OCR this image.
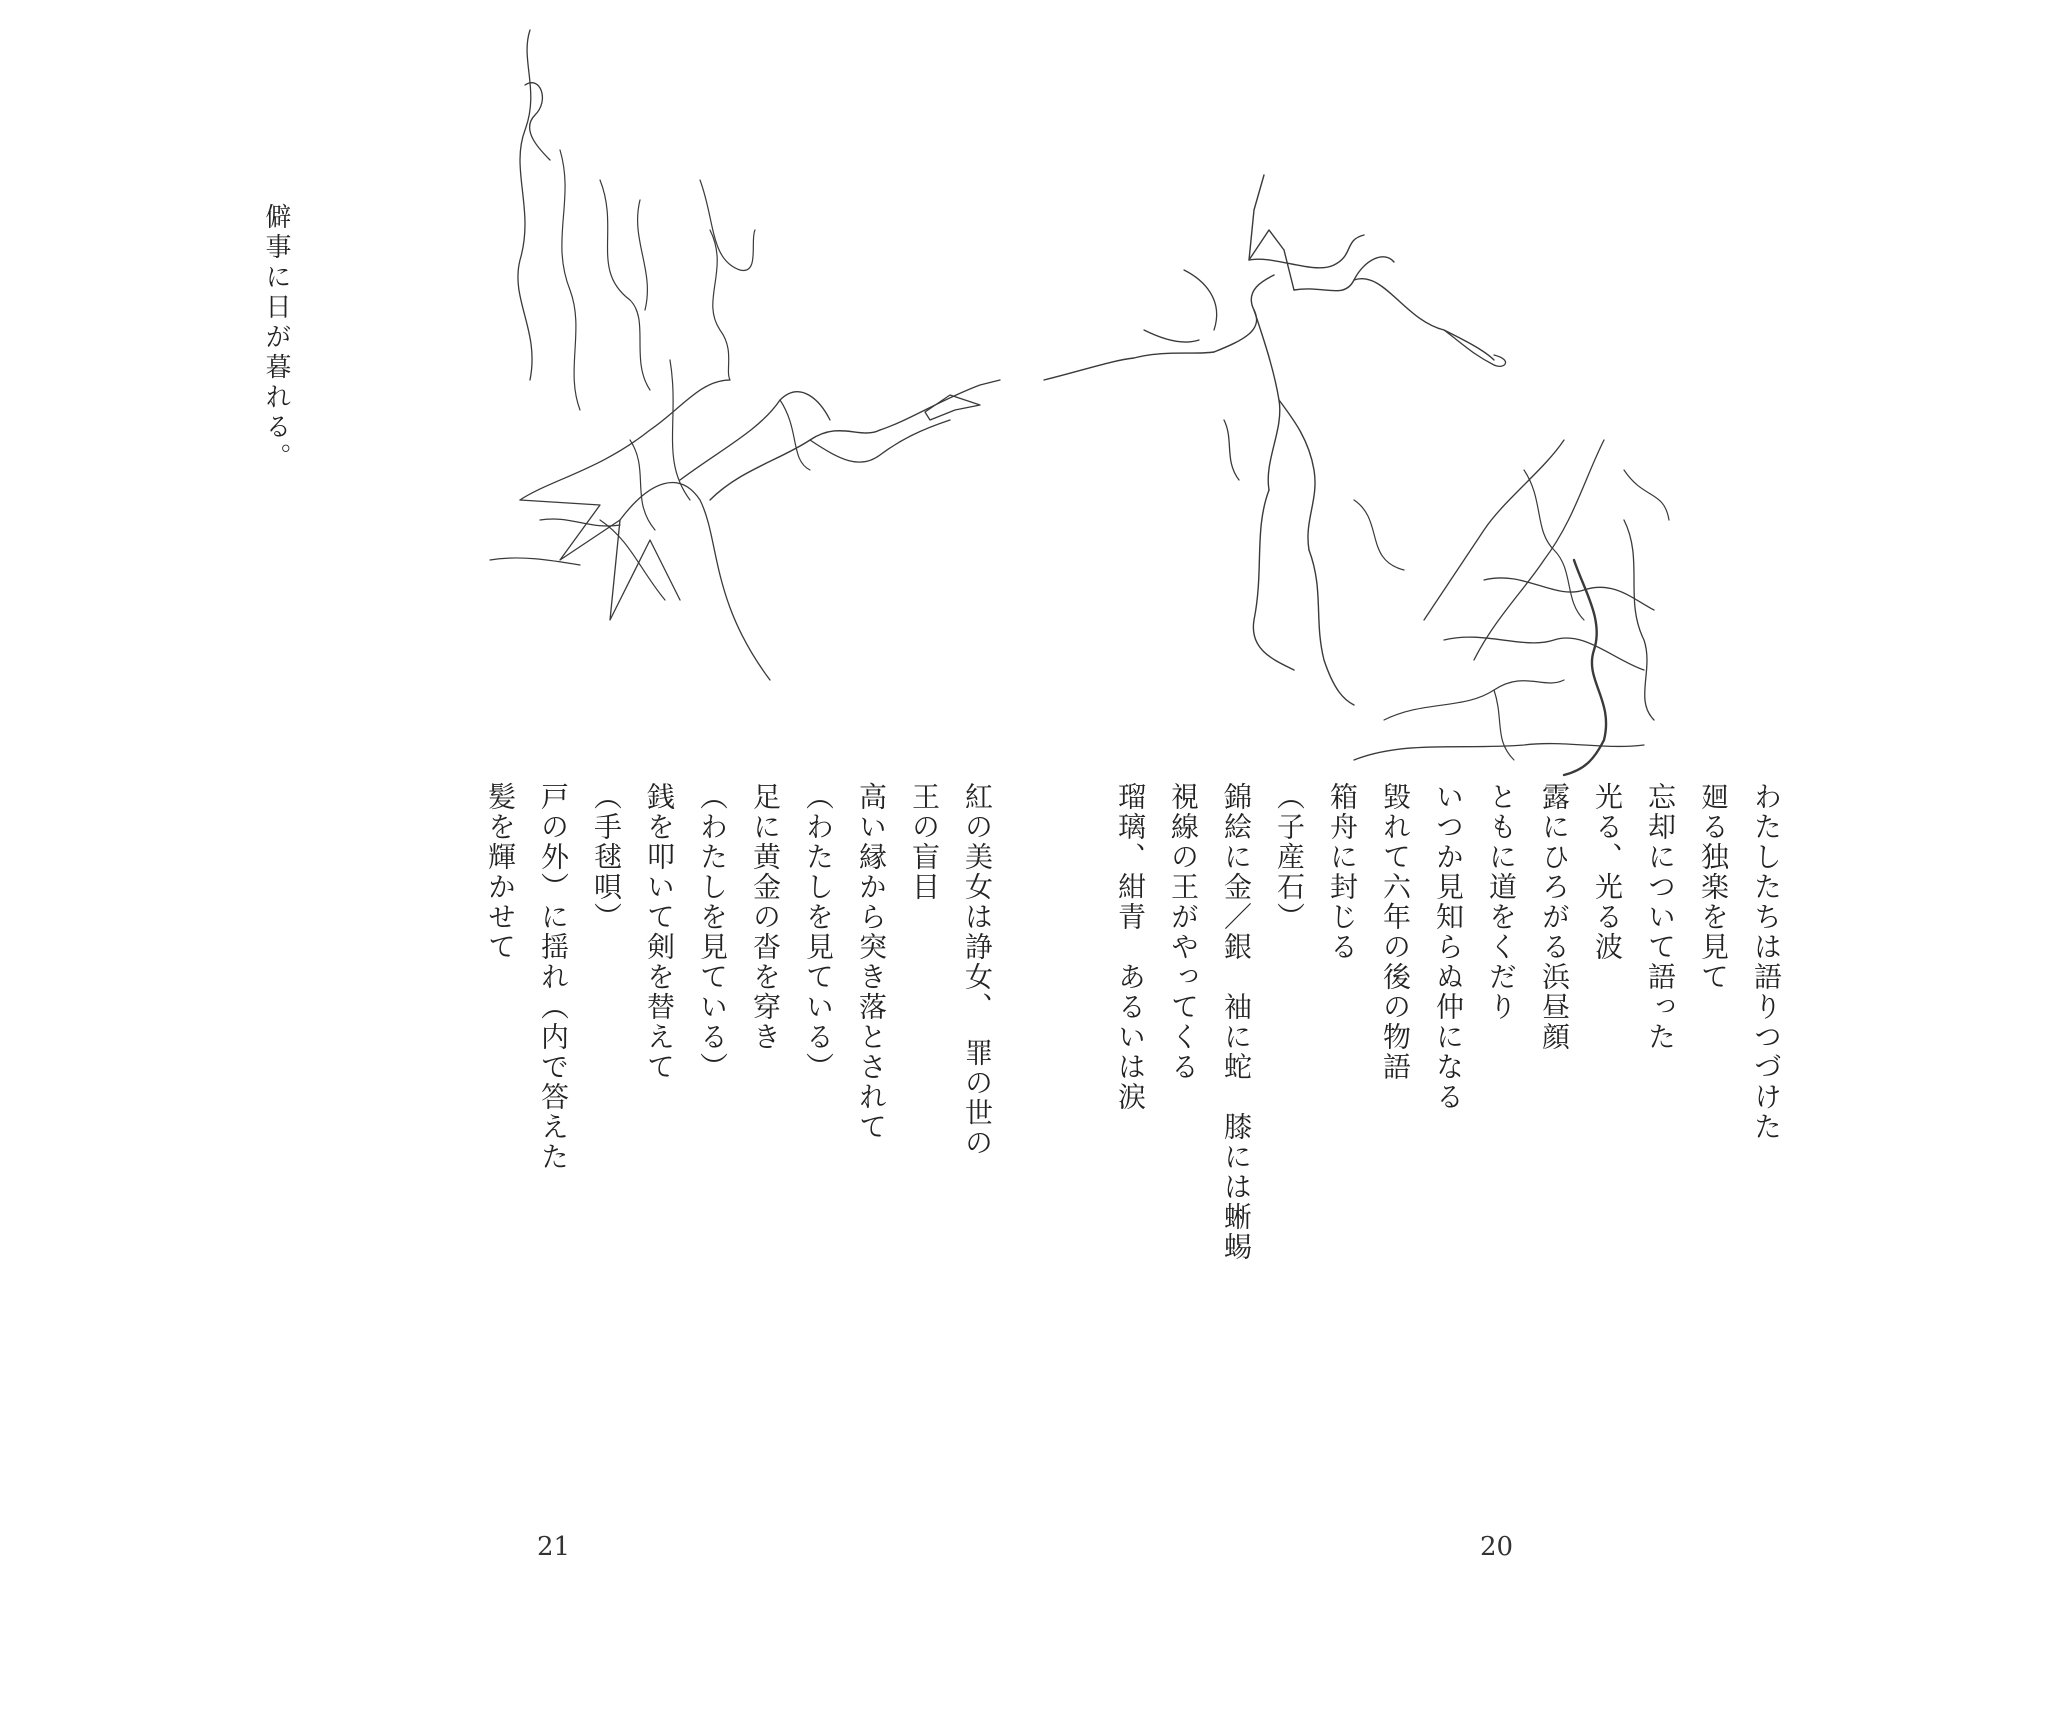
僻事に日が暮れる。
紅の美女は諍女、　罪の世の
王の盲目
高い縁から突き落とされて
（わたしを見ている）
足に黄金の沓を穿き
（わたしを見ている）
銭を叩いて剣を替えて
（手毬唄）
戸の外）に揺れ（内で答えた
髪を輝かせて
21
わたしたちは語りつづけた
廻る独楽を見て
忘却について語った
光る、光る波
露にひろがる浜昼顔
ともに道をくだり
いつか見知らぬ仲になる
毀れて六年の後の物語
箱舟に封じる
（子産石）
錦絵に金／銀　袖に蛇　膝には蜥蜴
視線の王がやってくる
瑠璃、紺青　あるいは涙
20
